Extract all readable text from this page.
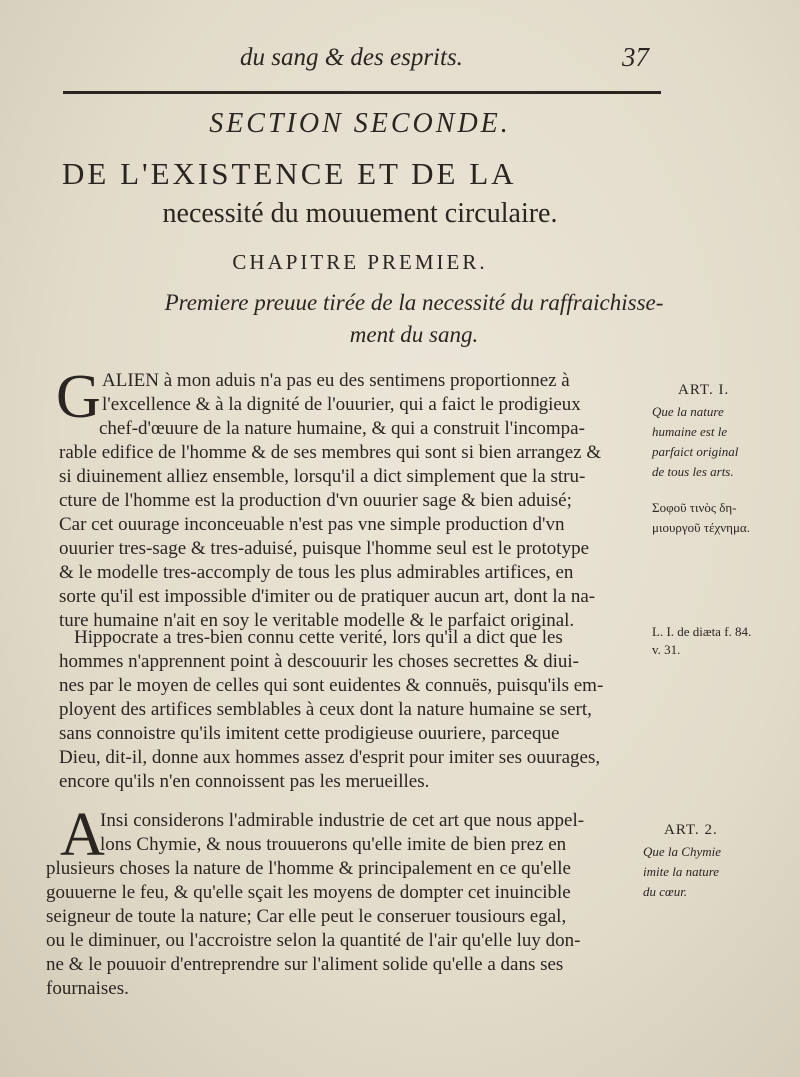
du sang & des esprits.	37
SECTION SECONDE.
DE L'EXISTENCE ET DE LA
necessité du mouuement circulaire.
CHAPITRE PREMIER.
Premiere preuue tirée de la necessité du raffraichisse-
ment du sang.
G ALIEN à mon aduis n'a pas eu des sentimens proportionnez à
l'excellence & à la dignité de l'ouurier, qui a faict le prodigieux
chef-d'œuure de la nature humaine, & qui a construit l'incompa-
rable edifice de l'homme & de ses membres qui sont si bien arrangez &
si diuinement alliez ensemble, lorsqu'il a dict simplement que la stru-
cture de l'homme est la production d'vn ouurier sage & bien aduisé;
Car cet ouurage inconceuable n'est pas vne simple production d'vn
ouurier tres-sage & tres-aduisé, puisque l'homme seul est le prototype
& le modelle tres-accomply de tous les plus admirables artifices, en
sorte qu'il est impossible d'imiter ou de pratiquer aucun art, dont la na-
ture humaine n'ait en soy le veritable modelle & le parfaict original.
Hippocrate a tres-bien connu cette verité, lors qu'il a dict que les
hommes n'apprennent point à descouurir les choses secrettes & diui-
nes par le moyen de celles qui sont euidentes & connuës, puisqu'ils em-
ployent des artifices semblables à ceux dont la nature humaine se sert,
sans connoistre qu'ils imitent cette prodigieuse ouuriere, parceque
Dieu, dit-il, donne aux hommes assez d'esprit pour imiter ses ouurages,
encore qu'ils n'en connoissent pas les merueilles.
A
Insi considerons l'admirable industrie de cet art que nous appel-
lons Chymie, & nous trouuerons qu'elle imite de bien prez en
plusieurs choses la nature de l'homme & principalement en ce qu'elle
gouuerne le feu, & qu'elle sçait les moyens de dompter cet inuincible
seigneur de toute la nature; Car elle peut le conseruer tousiours egal,
ou le diminuer, ou l'accroistre selon la quantité de l'air qu'elle luy don-
ne & le pouuoir d'entreprendre sur l'aliment solide qu'elle a dans ses
fournaises.
ART. I.
Que la nature
humaine est le
parfaict original
de tous les arts.
Σοφοῦ τινὸς δη-
μιουργοῦ τέχνημα.
L. I. de diæta f. 84.
v. 31.
ART. 2.
Que la Chymie
imite la nature
du cœur.
